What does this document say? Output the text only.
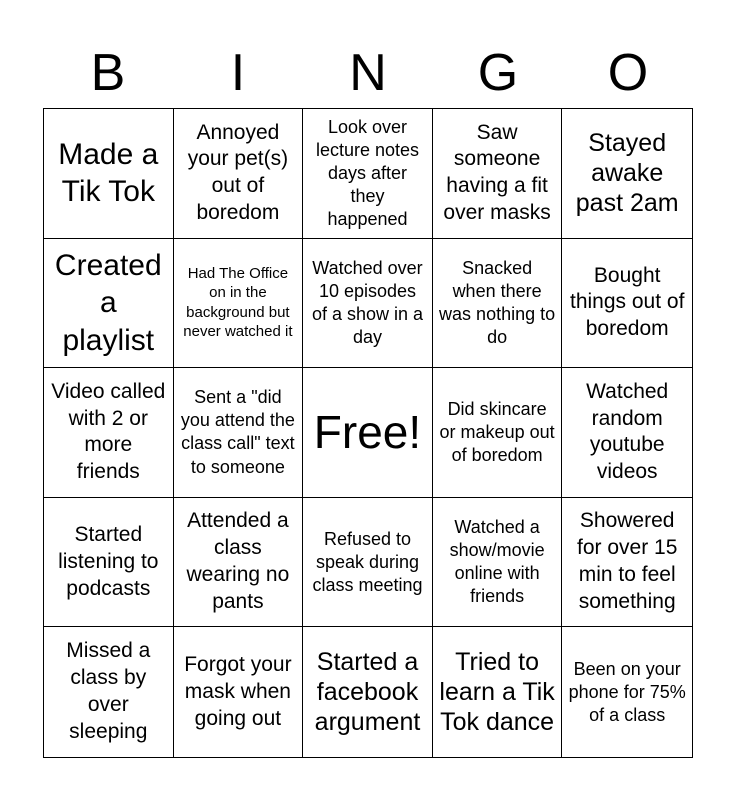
B	I	N	G	O
Made a Tik Tok
Annoyed your pet(s) out of boredom
Look over lecture notes days after they happened
Saw someone having a fit over masks
Stayed awake past 2am
Created a playlist
Had The Office on in the background but never watched it
Watched over 10 episodes of a show in a day
Snacked when there was nothing to do
Bought things out of boredom
Video called with 2 or more friends
Sent a "did you attend the class call" text to someone
Free!	Did skincare or makeup out of boredom
Watched random youtube videos
Started listening to podcasts
Attended a class wearing no pants
Refused to speak during class meeting
Watched a show/movie online with friends
Showered for over 15 min to feel something
Missed a class by over sleeping
Forgot your mask when going out
Started a facebook argument
Tried to learn a Tik Tok dance
Been on your phone for 75% of a class
